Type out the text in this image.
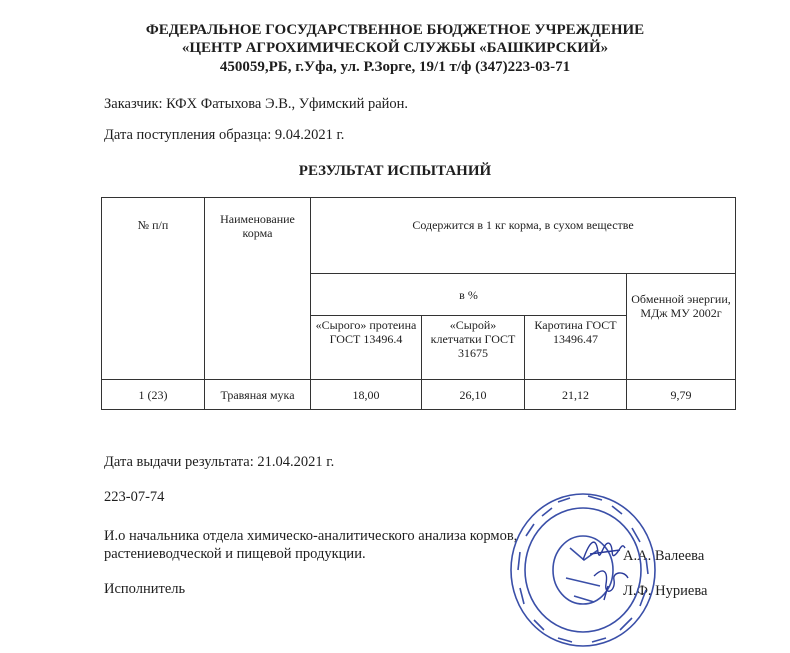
ФЕДЕРАЛЬНОЕ ГОСУДАРСТВЕННОЕ БЮДЖЕТНОЕ УЧРЕЖДЕНИЕ
«ЦЕНТР АГРОХИМИЧЕСКОЙ СЛУЖБЫ «БАШКИРСКИЙ»
450059,РБ, г.Уфа, ул. Р.Зорге, 19/1 т/ф (347)223-03-71
Заказчик: КФХ Фатыхова Э.В., Уфимский район.
Дата поступления образца: 9.04.2021 г.
РЕЗУЛЬТАТ ИСПЫТАНИЙ
№ п/п	Наименование корма	Содержится в 1 кг корма, в сухом веществе			
		в %			Обменной энергии, МДж МУ 2002г
		«Сырого» протеина ГОСТ 13496.4	«Сырой» клетчатки ГОСТ 31675	Каротина ГОСТ 13496.47	
1 (23)	Травяная мука	18,00	26,10	21,12	9,79
Дата выдачи результата: 21.04.2021 г.
223-07-74
И.о начальника отдела химическо-аналитического анализа кормов,
растениеводческой и пищевой продукции.	А.А. Валеева
Исполнитель	Л.Ф. Нуриева
